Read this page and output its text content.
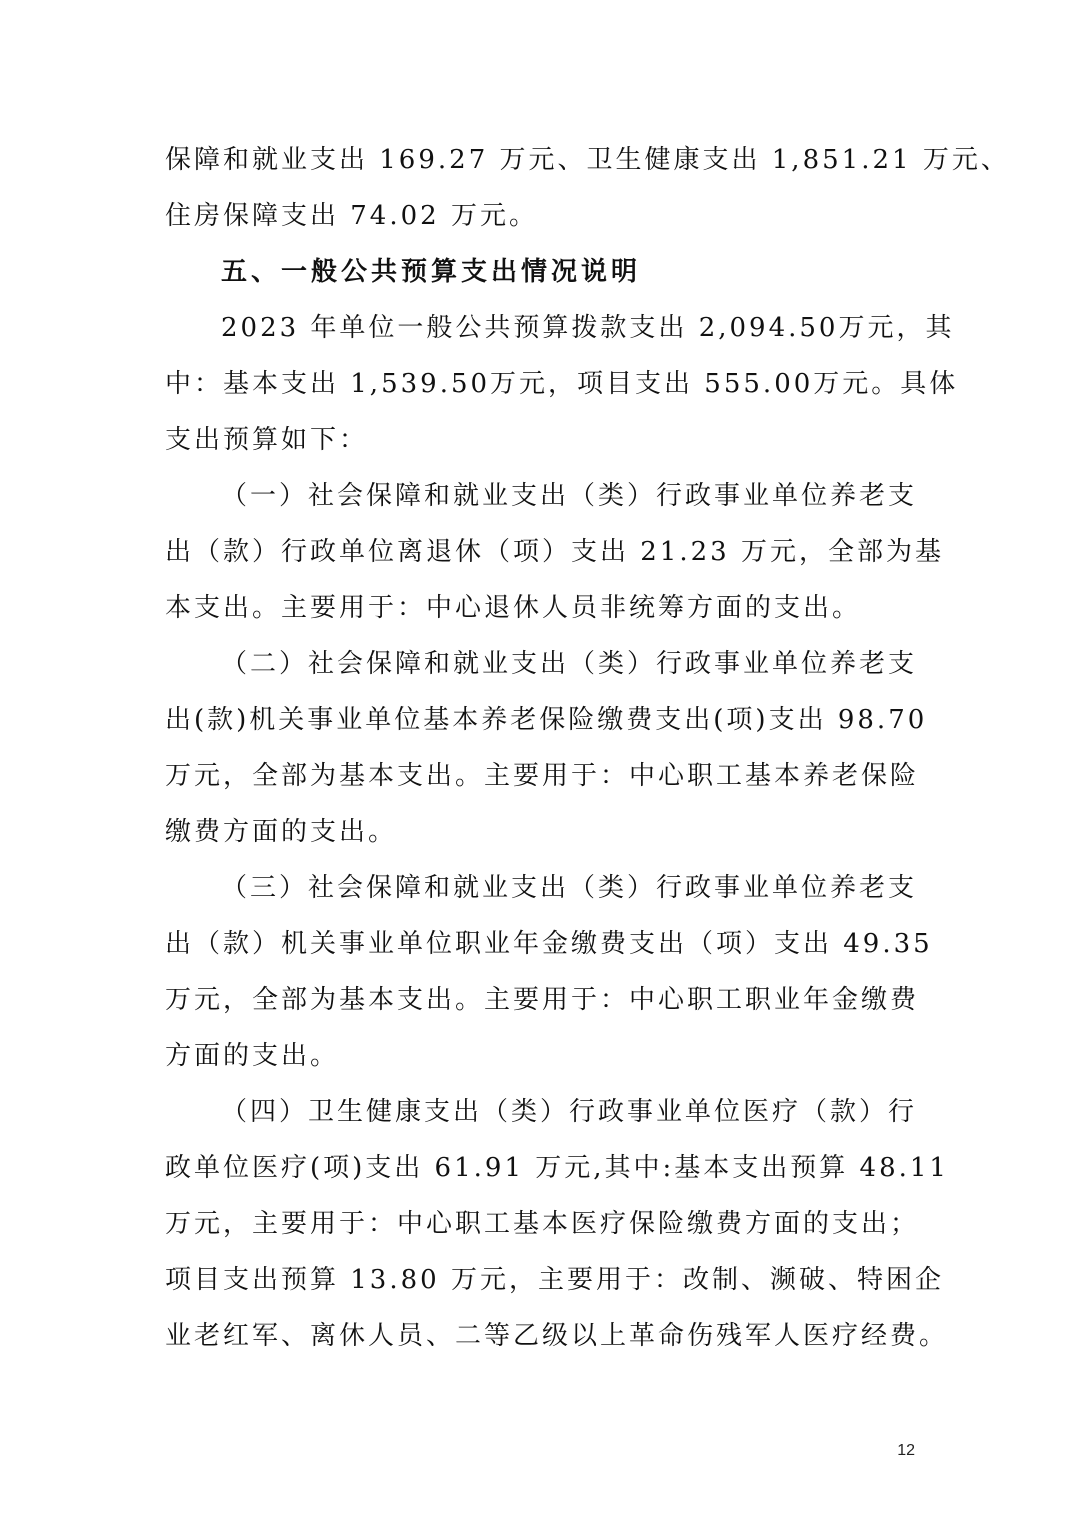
保障和就业支出 169.27 万元、卫生健康支出 1,851.21 万元、
住房保障支出 74.02 万元。
五、一般公共预算支出情况说明
2023 年单位一般公共预算拨款支出 2,094.50万元，其
中：基本支出 1,539.50万元，项目支出 555.00万元。具体
支出预算如下：
（一）社会保障和就业支出（类）行政事业单位养老支
出（款）行政单位离退休（项）支出 21.23 万元，全部为基
本支出。主要用于：中心退休人员非统筹方面的支出。
（二）社会保障和就业支出（类）行政事业单位养老支
出(款)机关事业单位基本养老保险缴费支出(项)支出 98.70
万元，全部为基本支出。主要用于：中心职工基本养老保险
缴费方面的支出。
（三）社会保障和就业支出（类）行政事业单位养老支
出（款）机关事业单位职业年金缴费支出（项）支出 49.35
万元，全部为基本支出。主要用于：中心职工职业年金缴费
方面的支出。
（四）卫生健康支出（类）行政事业单位医疗（款）行
政单位医疗(项)支出 61.91 万元,其中:基本支出预算 48.11
万元，主要用于：中心职工基本医疗保险缴费方面的支出；
项目支出预算 13.80 万元，主要用于：改制、濒破、特困企
业老红军、离休人员、二等乙级以上革命伤残军人医疗经费。
12
